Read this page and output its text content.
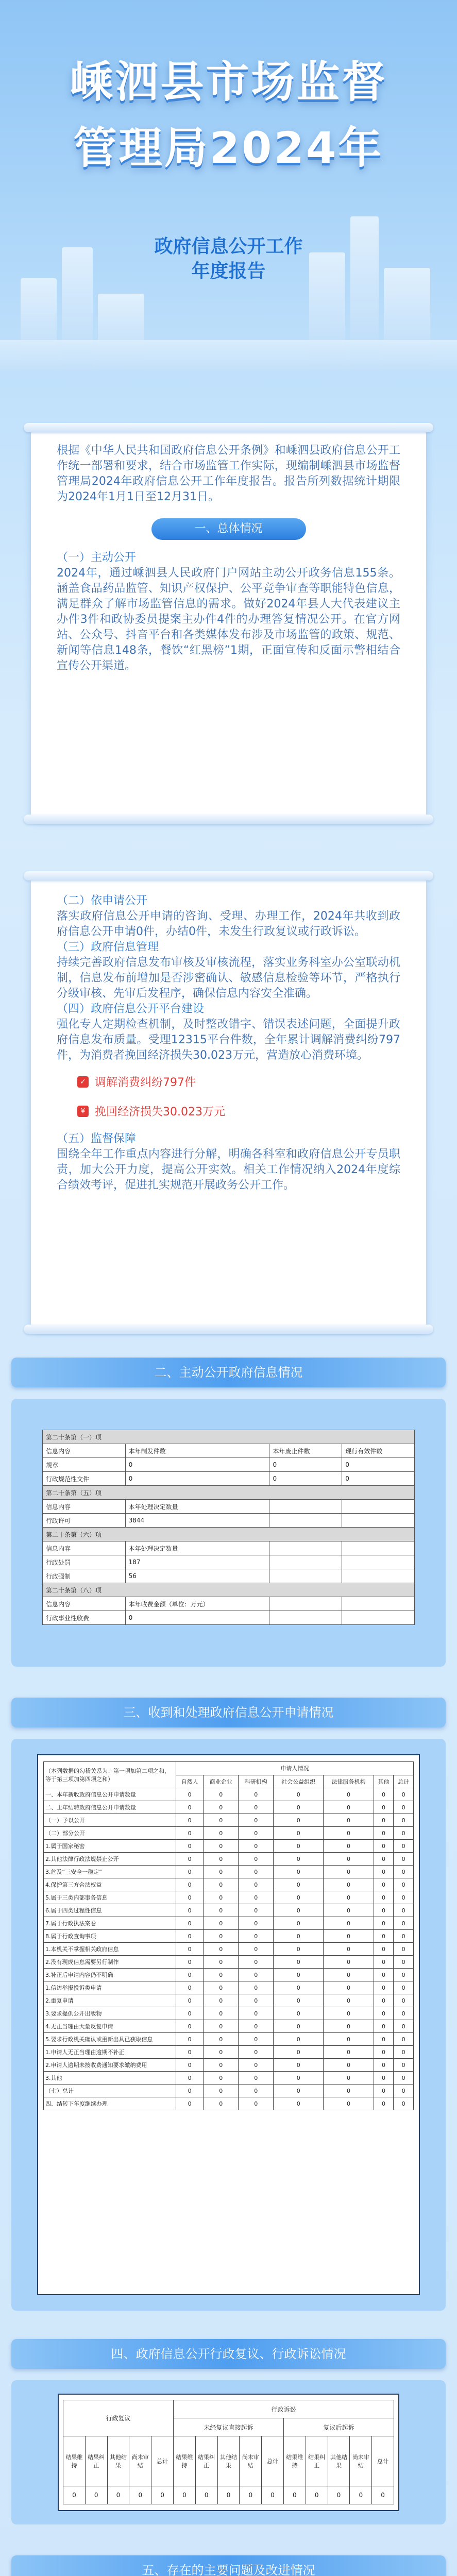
嵊泗县市场监督
管理局2024年
政府信息公开工作
年度报告
根据《中华人民共和国政府信息公开条例》和嵊泗县政府信息公开工作统一部署和要求，结合市场监管工作实际，现编制嵊泗县市场监督管理局2024年政府信息公开工作年度报告。报告所列数据统计期限为2024年1月1日至12月31日。
一、总体情况
（一）主动公开
2024年，通过嵊泗县人民政府门户网站主动公开政务信息155条。涵盖食品药品监管、知识产权保护、公平竞争审查等职能特色信息，满足群众了解市场监管信息的需求。做好2024年县人大代表建议主办件3件和政协委员提案主办件4件的办理答复情况公开。在官方网站、公众号、抖音平台和各类媒体发布涉及市场监管的政策、规范、新闻等信息148条，餐饮“红黑榜”1期，正面宣传和反面示警相结合宣传公开渠道。
（二）依申请公开
落实政府信息公开申请的咨询、受理、办理工作，2024年共收到政府信息公开申请0件，办结0件，未发生行政复议或行政诉讼。
（三）政府信息管理
持续完善政府信息发布审核及审核流程，落实业务科室办公室联动机制，信息发布前增加是否涉密确认、敏感信息检验等环节，严格执行分级审核、先审后发程序，确保信息内容安全准确。
（四）政府信息公开平台建设
强化专人定期检查机制，及时整改错字、错误表述问题，全面提升政府信息发布质量。受理12315平台件数，全年累计调解消费纠纷797件，为消费者挽回经济损失30.023万元，营造放心消费环境。
✓ 调解消费纠纷797件
¥ 挽回经济损失30.023万元
（五）监督保障
围绕全年工作重点内容进行分解，明确各科室和政府信息公开专员职责，加大公开力度，提高公开实效。相关工作情况纳入2024年度综合绩效考评，促进扎实规范开展政务公开工作。
二、主动公开政府信息情况
第二十条第（一）项			
信息内容	本年制发件数	本年废止件数	现行有效件数
规章	0	0	0
行政规范性文件	0	0	0
第二十条第（五）项			
信息内容	本年处理决定数量		
行政许可	3844		
第二十条第（六）项			
信息内容	本年处理决定数量		
行政处罚	187		
行政强制	56		
第二十条第（八）项			
信息内容	本年收费金额（单位：万元）		
行政事业性收费	0		
三、收到和处理政府信息公开申请情况
（本列数据的勾稽关系为：第一项加第二项之和，等于第三项加第四项之和）	申请人情况						
	自然人	商业企业	科研机构	社会公益组织	法律服务机构	其他	总计
一、本年新收政府信息公开申请数量	0	0	0	0	0	0	0
二、上年结转政府信息公开申请数量	0	0	0	0	0	0	0
（一）予以公开	0	0	0	0	0	0	0
（二）部分公开	0	0	0	0	0	0	0
1.属于国家秘密	0	0	0	0	0	0	0
2.其他法律行政法规禁止公开	0	0	0	0	0	0	0
3.危及“三安全一稳定”	0	0	0	0	0	0	0
4.保护第三方合法权益	0	0	0	0	0	0	0
5.属于三类内部事务信息	0	0	0	0	0	0	0
6.属于四类过程性信息	0	0	0	0	0	0	0
7.属于行政执法案卷	0	0	0	0	0	0	0
8.属于行政查询事项	0	0	0	0	0	0	0
1.本机关不掌握相关政府信息	0	0	0	0	0	0	0
2.没有现成信息需要另行制作	0	0	0	0	0	0	0
3.补正后申请内容仍不明确	0	0	0	0	0	0	0
1.信访举报投诉类申请	0	0	0	0	0	0	0
2.重复申请	0	0	0	0	0	0	0
3.要求提供公开出版物	0	0	0	0	0	0	0
4.无正当理由大量反复申请	0	0	0	0	0	0	0
5.要求行政机关确认或重新出具已获取信息	0	0	0	0	0	0	0
1.申请人无正当理由逾期不补正	0	0	0	0	0	0	0
2.申请人逾期未按收费通知要求缴纳费用	0	0	0	0	0	0	0
3.其他	0	0	0	0	0	0	0
（七）总计	0	0	0	0	0	0	0
四、结转下年度继续办理	0	0	0	0	0	0	0
四、政府信息公开行政复议、行政诉讼情况
行政复议					行政诉讼									
					未经复议直接起诉					复议后起诉				
结果维持	结果纠正	其他结果	尚未审结	总计	结果维持	结果纠正	其他结果	尚未审结	总计	结果维持	结果纠正	其他结果	尚未审结	总计
0	0	0	0	0	0	0	0	0	0	0	0	0	0	0
五、存在的主要问题及改进情况
